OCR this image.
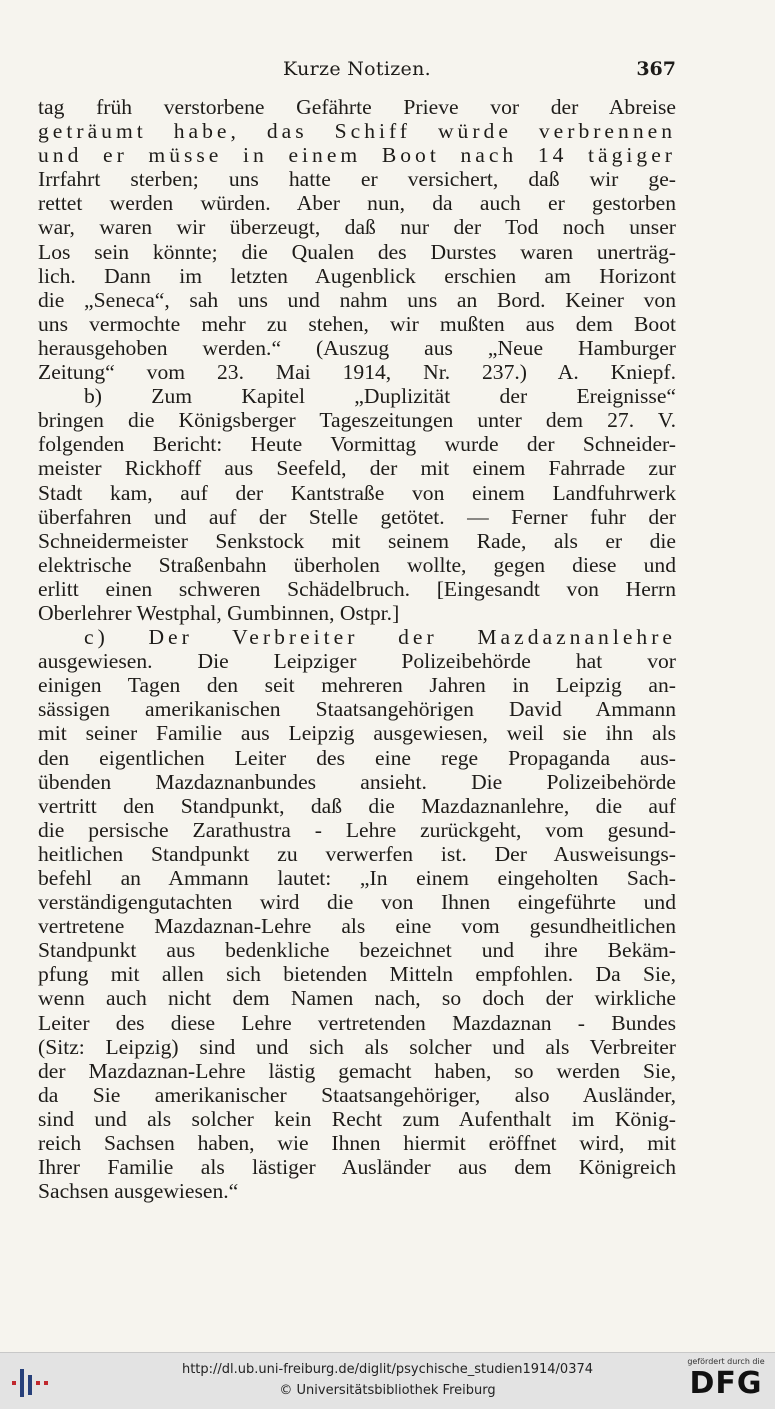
Kurze Notizen.	367
tag früh verstorbene Gefährte Prieve vor der Abreise
geträumt habe, das Schiff würde verbrennen
und er müsse in einem Boot nach 14 tägiger
Irrfahrt sterben; uns hatte er versichert, daß wir ge-
rettet werden würden. Aber nun, da auch er gestorben
war, waren wir überzeugt, daß nur der Tod noch unser
Los sein könnte; die Qualen des Durstes waren unerträg-
lich. Dann im letzten Augenblick erschien am Horizont
die „Seneca“, sah uns und nahm uns an Bord. Keiner von
uns vermochte mehr zu stehen, wir mußten aus dem Boot
herausgehoben werden.“ (Auszug aus „Neue Hamburger
Zeitung“ vom 23. Mai 1914, Nr. 237.) A. Kniepf.
b) Zum Kapitel „Duplizität der Ereignisse“
bringen die Königsberger Tageszeitungen unter dem 27. V.
folgenden Bericht: Heute Vormittag wurde der Schneider-
meister Rickhoff aus Seefeld, der mit einem Fahrrade zur
Stadt kam, auf der Kantstraße von einem Landfuhrwerk
überfahren und auf der Stelle getötet. — Ferner fuhr der
Schneidermeister Senkstock mit seinem Rade, als er die
elektrische Straßenbahn überholen wollte, gegen diese und
erlitt einen schweren Schädelbruch. [Eingesandt von Herrn
Oberlehrer Westphal, Gumbinnen, Ostpr.]
c) Der Verbreiter der Mazdaznanlehre
ausgewiesen. Die Leipziger Polizeibehörde hat vor
einigen Tagen den seit mehreren Jahren in Leipzig an-
sässigen amerikanischen Staatsangehörigen David Ammann
mit seiner Familie aus Leipzig ausgewiesen, weil sie ihn als
den eigentlichen Leiter des eine rege Propaganda aus-
übenden Mazdaznanbundes ansieht. Die Polizeibehörde
vertritt den Standpunkt, daß die Mazdaznanlehre, die auf
die persische Zarathustra - Lehre zurückgeht, vom gesund-
heitlichen Standpunkt zu verwerfen ist. Der Ausweisungs-
befehl an Ammann lautet: „In einem eingeholten Sach-
verständigengutachten wird die von Ihnen eingeführte und
vertretene Mazdaznan-Lehre als eine vom gesundheitlichen
Standpunkt aus bedenkliche bezeichnet und ihre Bekäm-
pfung mit allen sich bietenden Mitteln empfohlen. Da Sie,
wenn auch nicht dem Namen nach, so doch der wirkliche
Leiter des diese Lehre vertretenden Mazdaznan - Bundes
(Sitz: Leipzig) sind und sich als solcher und als Verbreiter
der Mazdaznan-Lehre lästig gemacht haben, so werden Sie,
da Sie amerikanischer Staatsangehöriger, also Ausländer,
sind und als solcher kein Recht zum Aufenthalt im König-
reich Sachsen haben, wie Ihnen hiermit eröffnet wird, mit
Ihrer Familie als lästiger Ausländer aus dem Königreich
Sachsen ausgewiesen.“
http://dl.ub.uni-freiburg.de/diglit/psychische_studien1914/0374
© Universitätsbibliothek Freiburg
gefördert durch die
DFG
